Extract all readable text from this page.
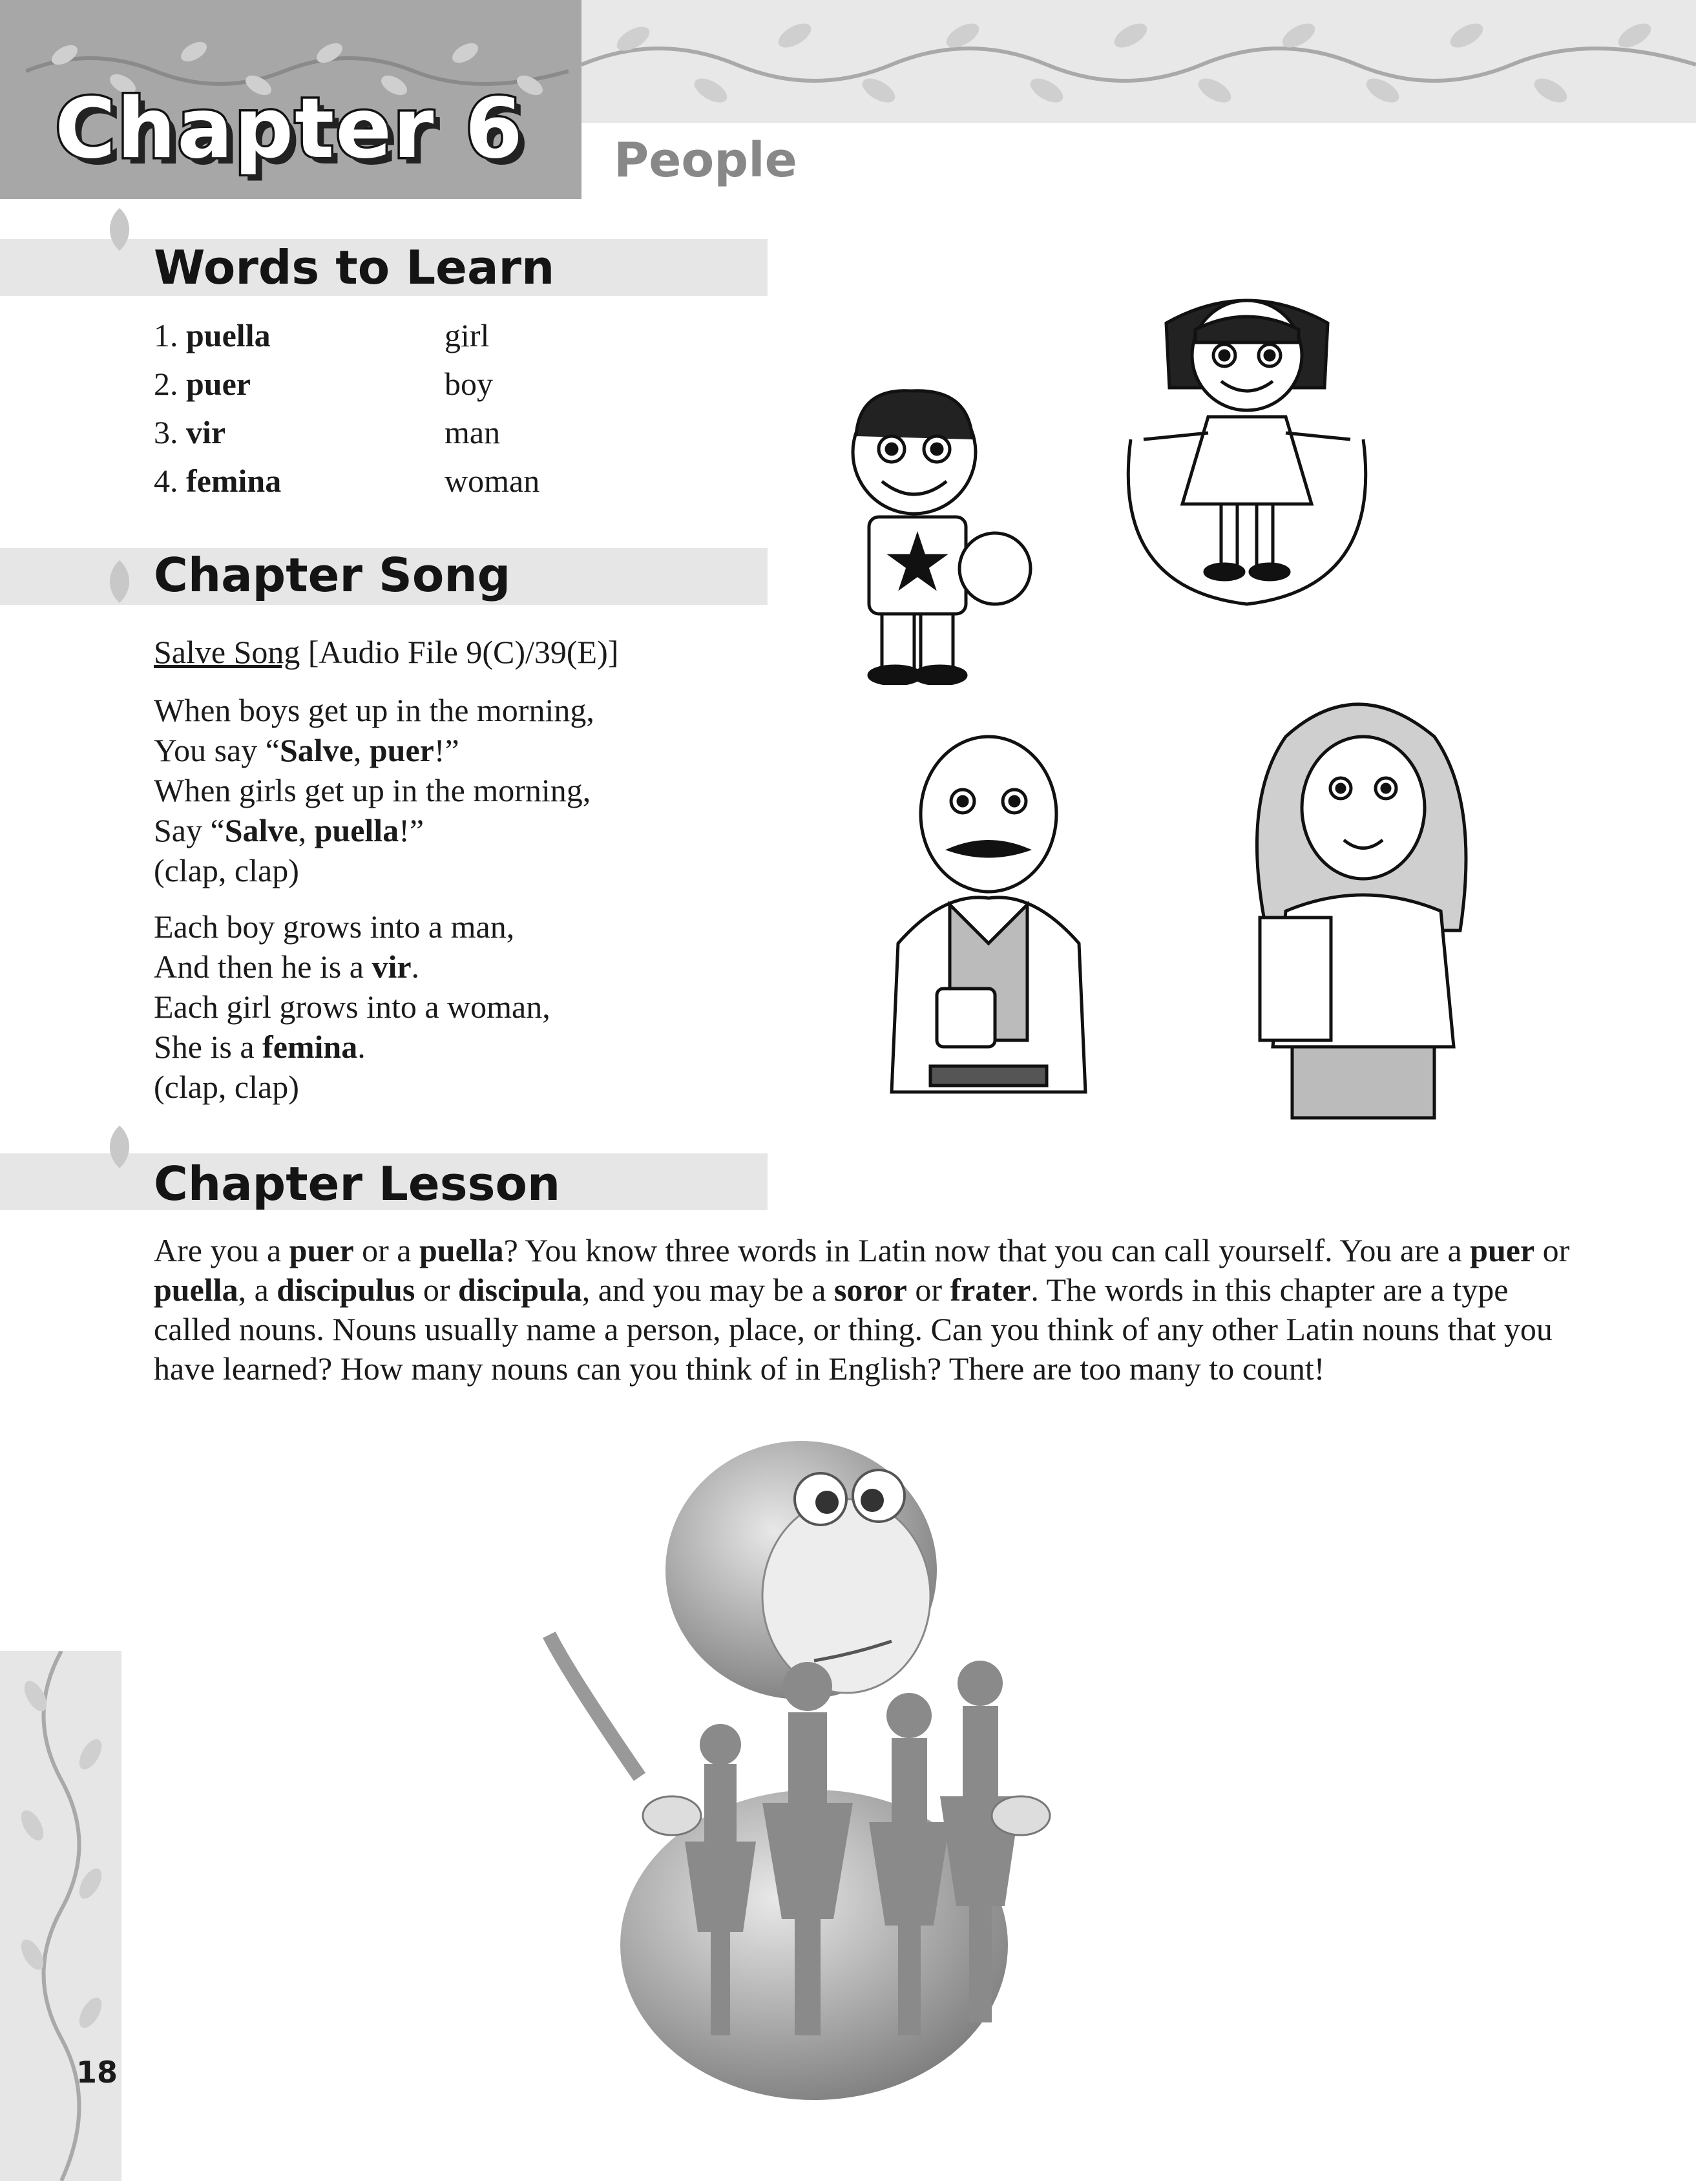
Chapter 6 People
Words to Learn
1. puella	girl
2. puer	boy
3. vir	man
4. femina	woman
Chapter Song
Salve Song [Audio File 9(C)/39(E)]
When boys get up in the morning,
You say “Salve, puer!”
When girls get up in the morning,
Say “Salve, puella!”
(clap, clap)
Each boy grows into a man,
And then he is a vir.
Each girl grows into a woman,
She is a femina.
(clap, clap)
Chapter Lesson
Are you a puer or a puella? You know three words in Latin now that you can call yourself. You are a puer or puella, a discipulus or discipula, and you may be a soror or frater. The words in this chapter are a type called nouns. Nouns usually name a person, place, or thing. Can you think of any other Latin nouns that you have learned? How many nouns can you think of in English? There are too many to count!
18
